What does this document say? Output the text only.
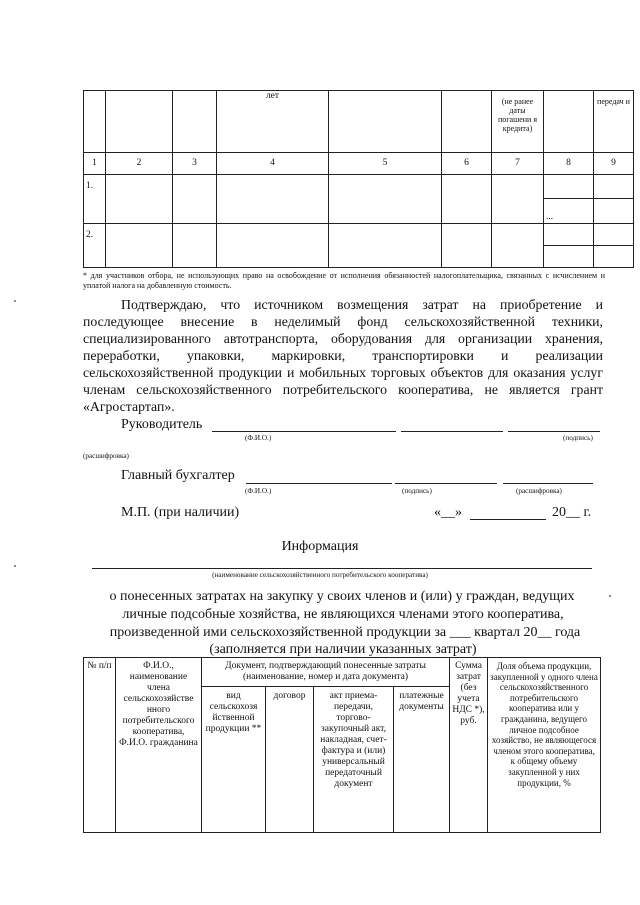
			лет			(не ранее даты погашени я кредита)		передач и
1	2	3	4	5	6	7	8	9
1.								
							...	
2.								

* для участников отбора, не использующих право на освобождение от исполнения обязанностей налогоплательщика, связанных с исчислением и уплатой налога на добавленную стоимость.
Подтверждаю, что источником возмещения затрат на приобретение и последующее внесение в неделимый фонд сельскохозяйственной техники, специализированного автотранспорта, оборудования для организации хранения, переработки, упаковки, маркировки, транспортировки и реализации сельскохозяйственной продукции и мобильных торговых объектов для оказания услуг членам сельскохозяйственного потребительского кооператива, не является грант «Агростартап».
Руководитель
(Ф.И.О.)	(подпись)
(расшифровка)
Главный бухгалтер
(Ф.И.О.)	(подпись)	(расшифровка)
М.П. (при наличии)	«__»	20__ г.
Информация
(наименование сельскохозяйственного потребительского кооператива)
о понесенных затратах на закупку у своих членов и (или) у граждан, ведущих
личные подсобные хозяйства, не являющихся членами этого кооператива,
произведенной ими сельскохозяйственной продукции за ___ квартал 20__ года
(заполняется при наличии указанных затрат)
№ п/п	Ф.И.О., наименование члена сельскохозяйстве нного потребительского кооператива, Ф.И.О. гражданина	Документ, подтверждающий понесенные затраты (наименование, номер и дата документа)				Сумма затрат (без учета НДС *), руб.	Доля объема продукции, закупленной у одного члена сельскохозяйственного потребительского кооператива или у гражданина, ведущего личное подсобное хозяйство, не являющегося членом этого кооператива, к общему объему закупленной у них продукции, %
		вид сельскохозя йственной продукции **	договор	акт приема-передачи, торгово-закупочный акт, накладная, счет-фактура и (или) универсальный передаточный документ	платежные документы		
